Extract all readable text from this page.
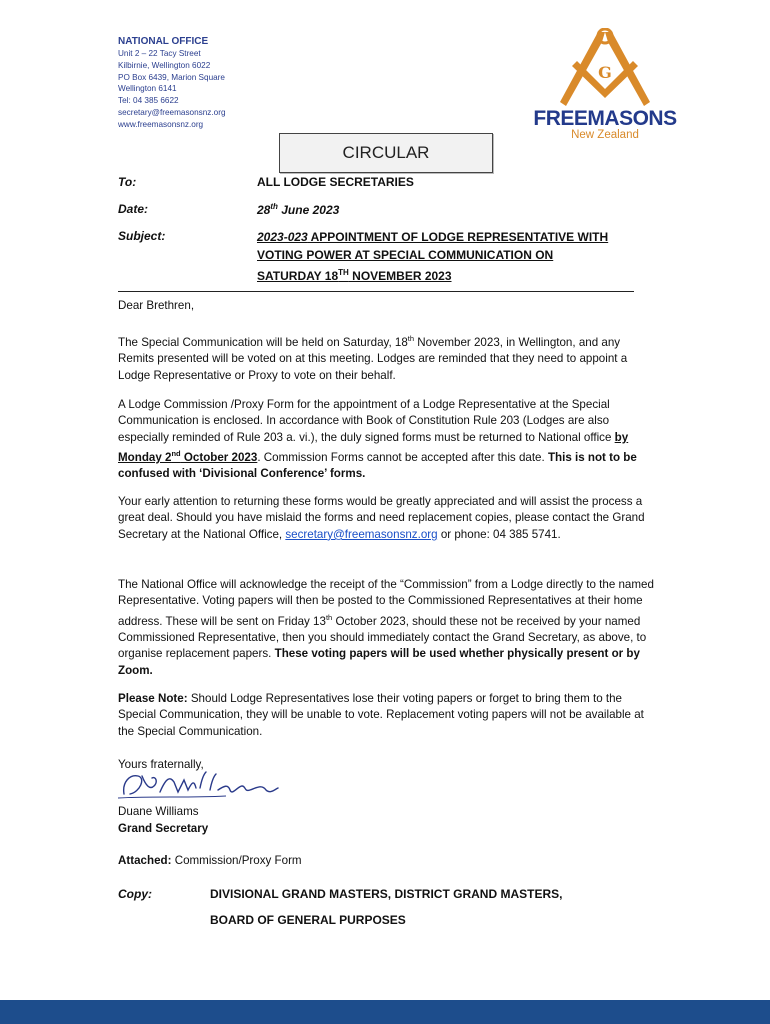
NATIONAL OFFICE
Unit 2 – 22 Tacy Street
Kilbirnie, Wellington 6022
PO Box 6439, Marion Square
Wellington 6141
Tel: 04 385 6622
secretary@freemasonsnz.org
www.freemasonsnz.org
G
FREEMASONS
New Zealand
CIRCULAR
To:	ALL LODGE SECRETARIES
Date:	28th June 2023
Subject:	2023-023 APPOINTMENT OF LODGE REPRESENTATIVE WITH
VOTING POWER AT SPECIAL COMMUNICATION ON
SATURDAY 18TH NOVEMBER 2023
Dear Brethren,
The Special Communication will be held on Saturday, 18th November 2023, in Wellington, and any Remits presented will be voted on at this meeting. Lodges are reminded that they need to appoint a Lodge Representative or Proxy to vote on their behalf.
A Lodge Commission /Proxy Form for the appointment of a Lodge Representative at the Special Communication is enclosed. In accordance with Book of Constitution Rule 203 (Lodges are also especially reminded of Rule 203 a. vi.), the duly signed forms must be returned to National office by Monday 2nd October 2023. Commission Forms cannot be accepted after this date. This is not to be confused with ‘Divisional Conference’ forms.
Your early attention to returning these forms would be greatly appreciated and will assist the process a great deal. Should you have mislaid the forms and need replacement copies, please contact the Grand Secretary at the National Office, secretary@freemasonsnz.org or phone: 04 385 5741.
The National Office will acknowledge the receipt of the “Commission” from a Lodge directly to the named Representative. Voting papers will then be posted to the Commissioned Representatives at their home address. These will be sent on Friday 13th October 2023, should these not be received by your named Commissioned Representative, then you should immediately contact the Grand Secretary, as above, to organise replacement papers. These voting papers will be used whether physically present or by Zoom.
Please Note: Should Lodge Representatives lose their voting papers or forget to bring them to the Special Communication, they will be unable to vote. Replacement voting papers will not be available at the Special Communication.
Yours fraternally,
Duane Williams
Grand Secretary
Attached: Commission/Proxy Form
Copy:	DIVISIONAL GRAND MASTERS, DISTRICT GRAND MASTERS,
BOARD OF GENERAL PURPOSES
